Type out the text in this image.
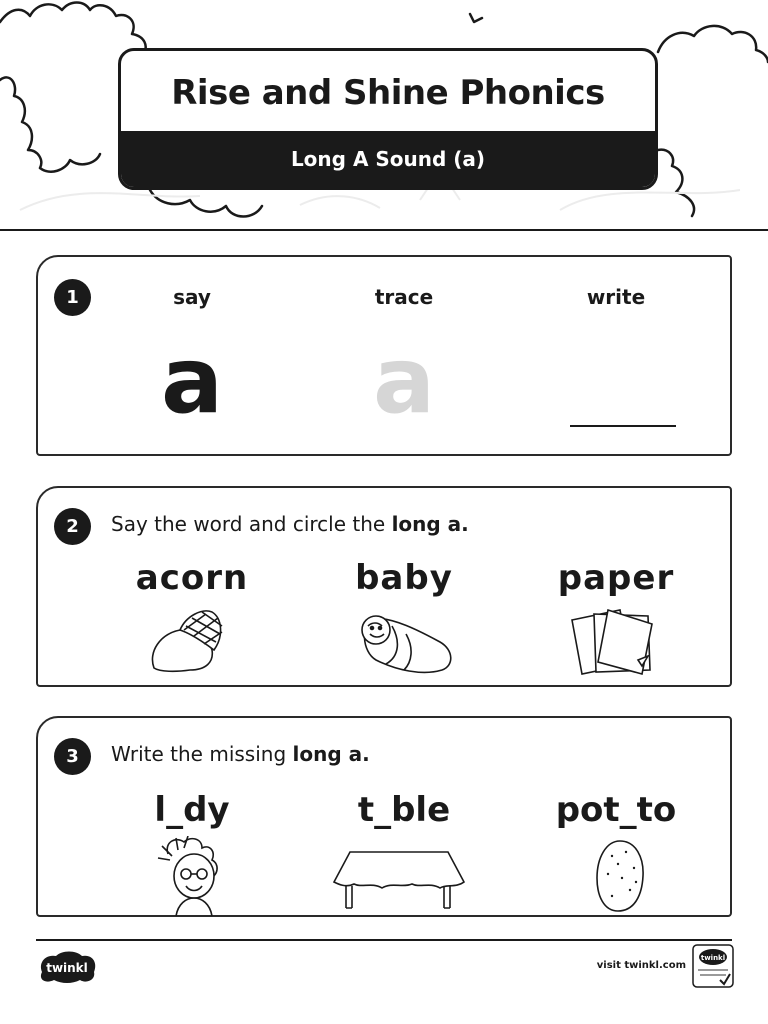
Rise and Shine Phonics
Long A Sound (a)
1	say	trace	write
a	a
2	Say the word and circle the long a.
acorn	baby	paper
3	Write the missing long a.
l_dy	t_ble	pot_to
twinkl	visit twinkl.com
twinkl
